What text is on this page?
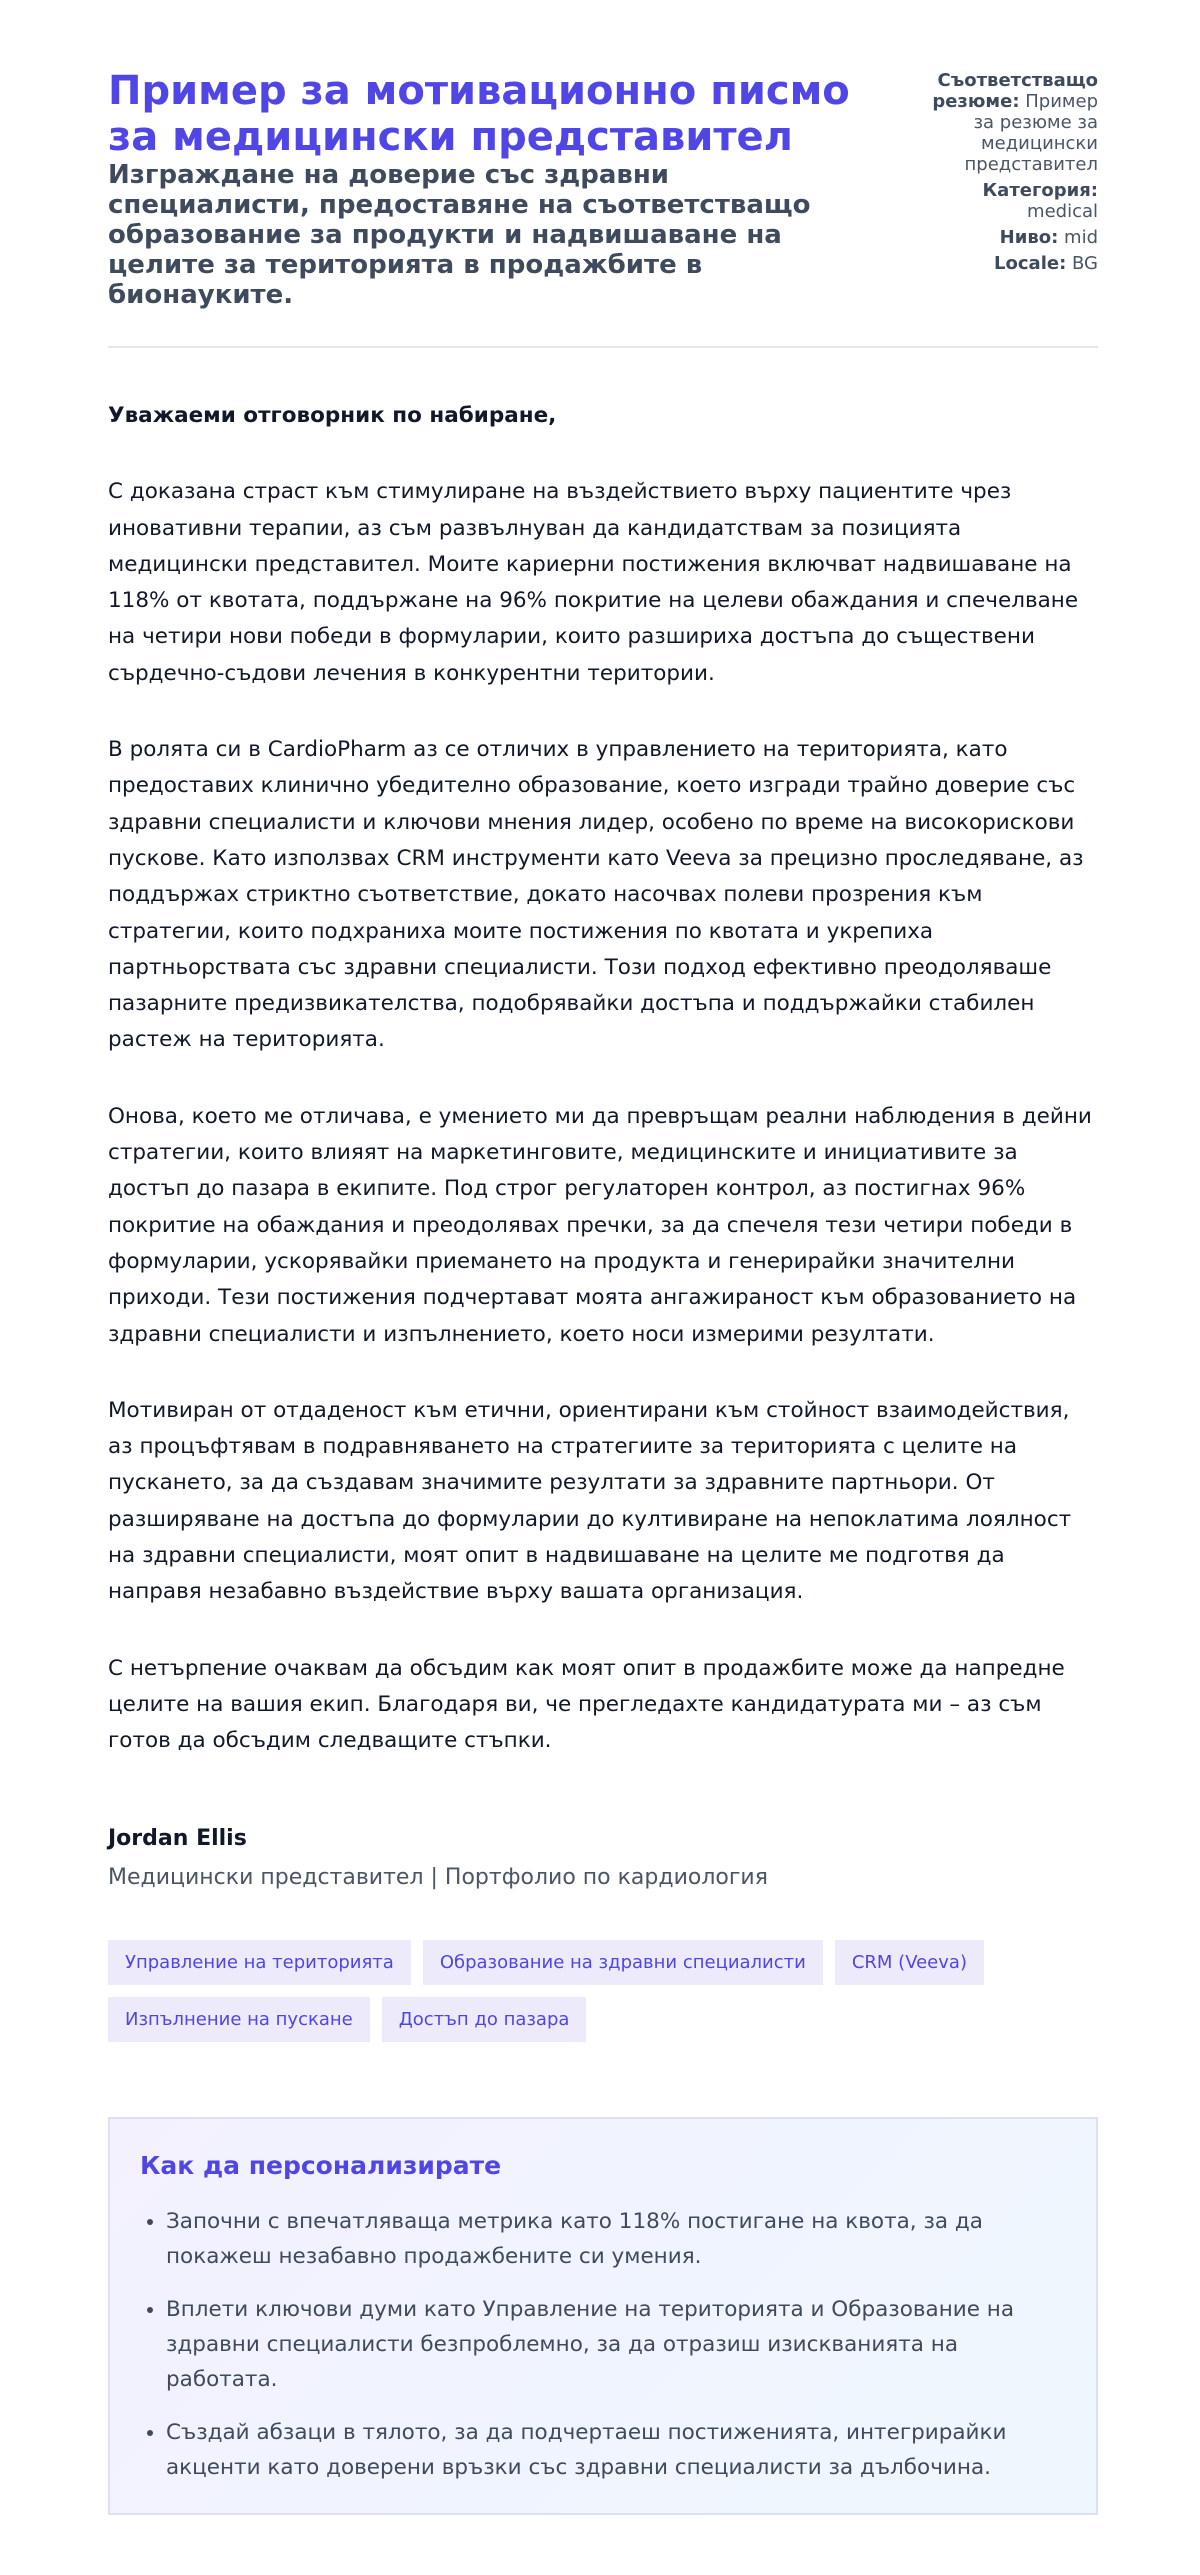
Пример за мотивационно писмо за медицински представител

Изграждане на доверие със здравни специалисти, предоставяне на съответстващо образование за продукти и надвишаване на целите за територията в продажбите в бионауките.

Съответстващо резюме: Пример за резюме за медицински представител
Категория: medical
Ниво: mid
Locale: BG

Уважаеми отговорник по набиране,

С доказана страст към стимулиране на въздействието върху пациентите чрез иновативни терапии, аз съм развълнуван да кандидатствам за позицията медицински представител. Моите кариерни постижения включват надвишаване на 118% от квотата, поддържане на 96% покритие на целеви обаждания и спечелване на четири нови победи в формуларии, които разшириха достъпа до съществени сърдечно-съдови лечения в конкурентни територии.

В ролята си в CardioPharm аз се отличих в управлението на територията, като предоставих клинично убедително образование, което изгради трайно доверие със здравни специалисти и ключови мнения лидер, особено по време на високорискови пускове. Като използвах CRM инструменти като Veeva за прецизно проследяване, аз поддържах стриктно съответствие, докато насочвах полеви прозрения към стратегии, които подхраниха моите постижения по квотата и укрепиха партньорствата със здравни специалисти. Този подход ефективно преодоляваше пазарните предизвикателства, подобрявайки достъпа и поддържайки стабилен растеж на територията.

Онова, което ме отличава, е умението ми да превръщам реални наблюдения в дейни стратегии, които влияят на маркетинговите, медицинските и инициативите за достъп до пазара в екипите. Под строг регулаторен контрол, аз постигнах 96% покритие на обаждания и преодолявах пречки, за да спечеля тези четири победи в формуларии, ускорявайки приемането на продукта и генерирайки значителни приходи. Тези постижения подчертават моята ангажираност към образованието на здравни специалисти и изпълнението, което носи измерими резултати.

Мотивиран от отдаденост към етични, ориентирани към стойност взаимодействия, аз процъфтявам в подравняването на стратегиите за територията с целите на пускането, за да създавам значимите резултати за здравните партньори. От разширяване на достъпа до формуларии до култивиране на непоклатима лоялност на здравни специалисти, моят опит в надвишаване на целите ме подготвя да направя незабавно въздействие върху вашата организация.

С нетърпение очаквам да обсъдим как моят опит в продажбите може да напредне целите на вашия екип. Благодаря ви, че прегледахте кандидатурата ми – аз съм готов да обсъдим следващите стъпки.

Jordan Ellis
Медицински представител | Портфолио по кардиология
Управление на територията	Образование на здравни специалисти	CRM (Veeva)
Изпълнение на пускане	Достъп до пазара
Как да персонализирате
• Започни с впечатляваща метрика като 118% постигане на квота, за да покажеш незабавно продажбените си умения.
• Вплети ключови думи като Управление на територията и Образование на здравни специалисти безпроблемно, за да отразиш изискванията на работата.
• Създай абзаци в тялото, за да подчертаеш постиженията, интегрирайки акценти като доверени връзки със здравни специалисти за дълбочина.
